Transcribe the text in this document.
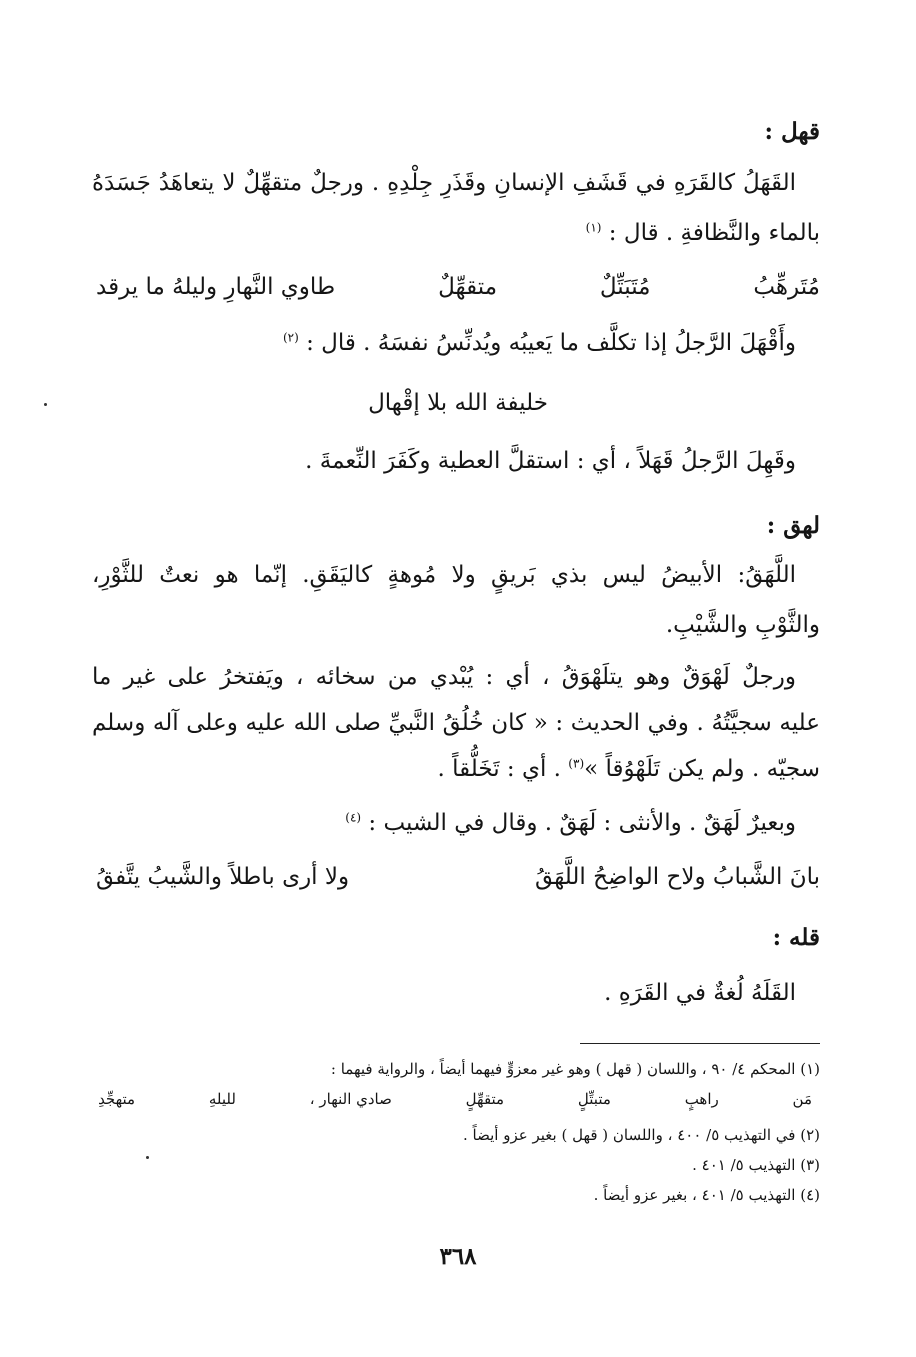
قهل :
القَهَلُ كالقَرَهِ في قَشَفِ الإنسانِ وقَذَرِ جِلْدِهِ . ورجلٌ متقهِّلٌ لا يتعاهَدُ جَسَدَهُ
بالماء والنَّظافةِ . قال : $^{(١)}$
مُتَرهِّبُ
مُتَبَتِّلٌ
متقهِّلٌ
طاوي النَّهارِ وليلهُ ما يرقد
وأَقْهَلَ الرَّجلُ إذا تكلَّف ما يَعيبُه ويُدنِّسُ نفسَهُ . قال : $^{(٢)}$
خليفة الله بلا إقْهال
وقَهِلَ الرَّجلُ قَهَلاً ، أي : استقلَّ العطية وكَفَرَ النِّعمةَ .
لهق :
اللَّهَقُ: الأبيضُ ليس بذي بَريقٍ ولا مُوهةٍ كاليَقَقِ. إنّما هو نعتٌ للثَّوْرِ،
والثَّوْبِ والشَّيْبِ.
ورجلٌ لَهْوَقٌ وهو يتلَهْوَقُ ، أي : يُبْدي من سخائه ، ويَفتخرُ على غير ما
عليه سجيَّتُهُ . وفي الحديث : « كان خُلُقُ النَّبيِّ صلى الله عليه وعلى آله وسلم
سجيّه . ولم يكن تَلَهْوُقاً »$^{(٣)}$ . أي : تَخَلُّقاً .
وبعيرٌ لَهَقٌ . والأنثى : لَهَقٌ . وقال في الشيب : $^{(٤)}$
بانَ الشَّبابُ ولاح الواضِحُ اللَّهَقُ
ولا أرى باطلاً والشَّيبُ يتَّفقُ
قله :
القَلَهُ لُغةٌ في القَرَهِ .
(١) المحكم ٤/ ٩٠ ، واللسان ( قهل ) وهو غير معزوٍّ فيهما أيضاً ، والرواية فيهما :
مَن
راهبٍ
متبتِّلٍ
متقهِّلٍ
صادي النهار ،
لليلهِ
متهجِّدِ
(٢) في التهذيب ٥/ ٤٠٠ ، واللسان ( قهل ) بغير عزو أيضاً .
(٣) التهذيب ٥/ ٤٠١ .
(٤) التهذيب ٥/ ٤٠١ ، بغير عزو أيضاً .
٣٦٨
